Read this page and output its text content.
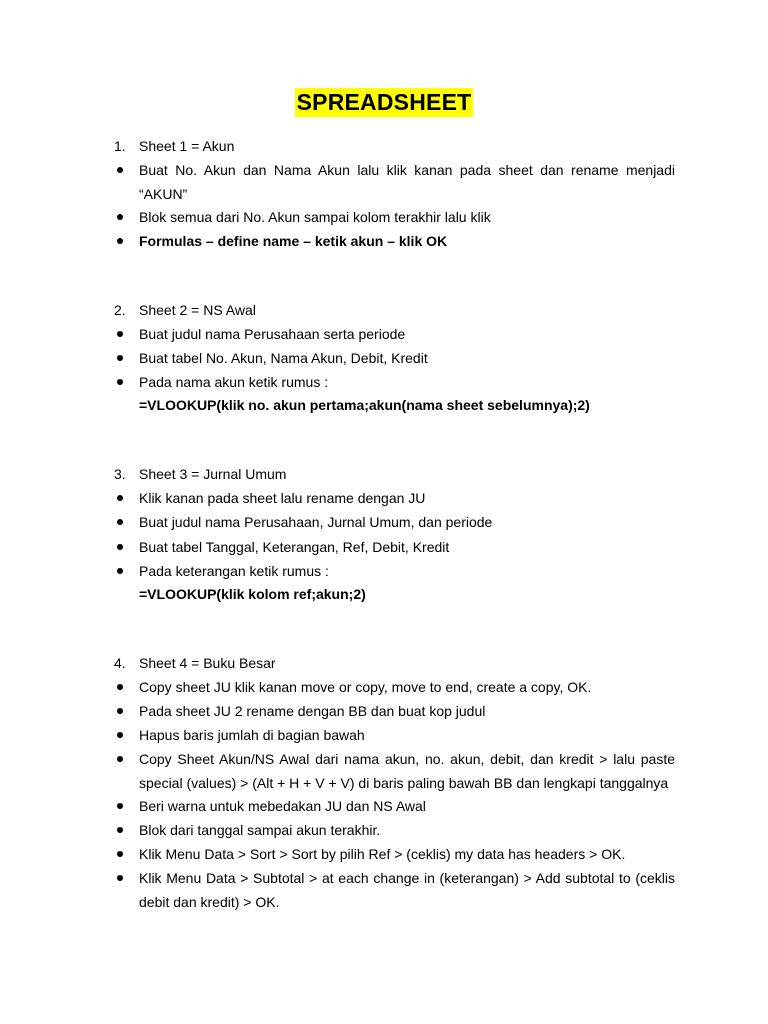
SPREADSHEET
1. Sheet 1 = Akun
Buat No. Akun dan Nama Akun lalu klik kanan pada sheet dan rename menjadi “AKUN”
Blok semua dari No. Akun sampai kolom terakhir lalu klik
Formulas – define name – ketik akun – klik OK
2. Sheet 2 = NS Awal
Buat judul nama Perusahaan serta periode
Buat tabel No. Akun, Nama Akun, Debit, Kredit
Pada nama akun ketik rumus :
=VLOOKUP(klik no. akun pertama;akun(nama sheet sebelumnya);2)
3. Sheet 3 = Jurnal Umum
Klik kanan pada sheet lalu rename dengan JU
Buat judul nama Perusahaan, Jurnal Umum, dan periode
Buat tabel Tanggal, Keterangan, Ref, Debit, Kredit
Pada keterangan ketik rumus :
=VLOOKUP(klik kolom ref;akun;2)
4. Sheet 4 = Buku Besar
Copy sheet JU klik kanan move or copy, move to end, create a copy, OK.
Pada sheet JU 2 rename dengan BB dan buat kop judul
Hapus baris jumlah di bagian bawah
Copy Sheet Akun/NS Awal dari nama akun, no. akun, debit, dan kredit > lalu paste special (values) > (Alt + H + V + V) di baris paling bawah BB dan lengkapi tanggalnya
Beri warna untuk mebedakan JU dan NS Awal
Blok dari tanggal sampai akun terakhir.
Klik Menu Data > Sort > Sort by pilih Ref > (ceklis) my data has headers > OK.
Klik Menu Data > Subtotal > at each change in (keterangan) > Add subtotal to (ceklis debit dan kredit) > OK.
